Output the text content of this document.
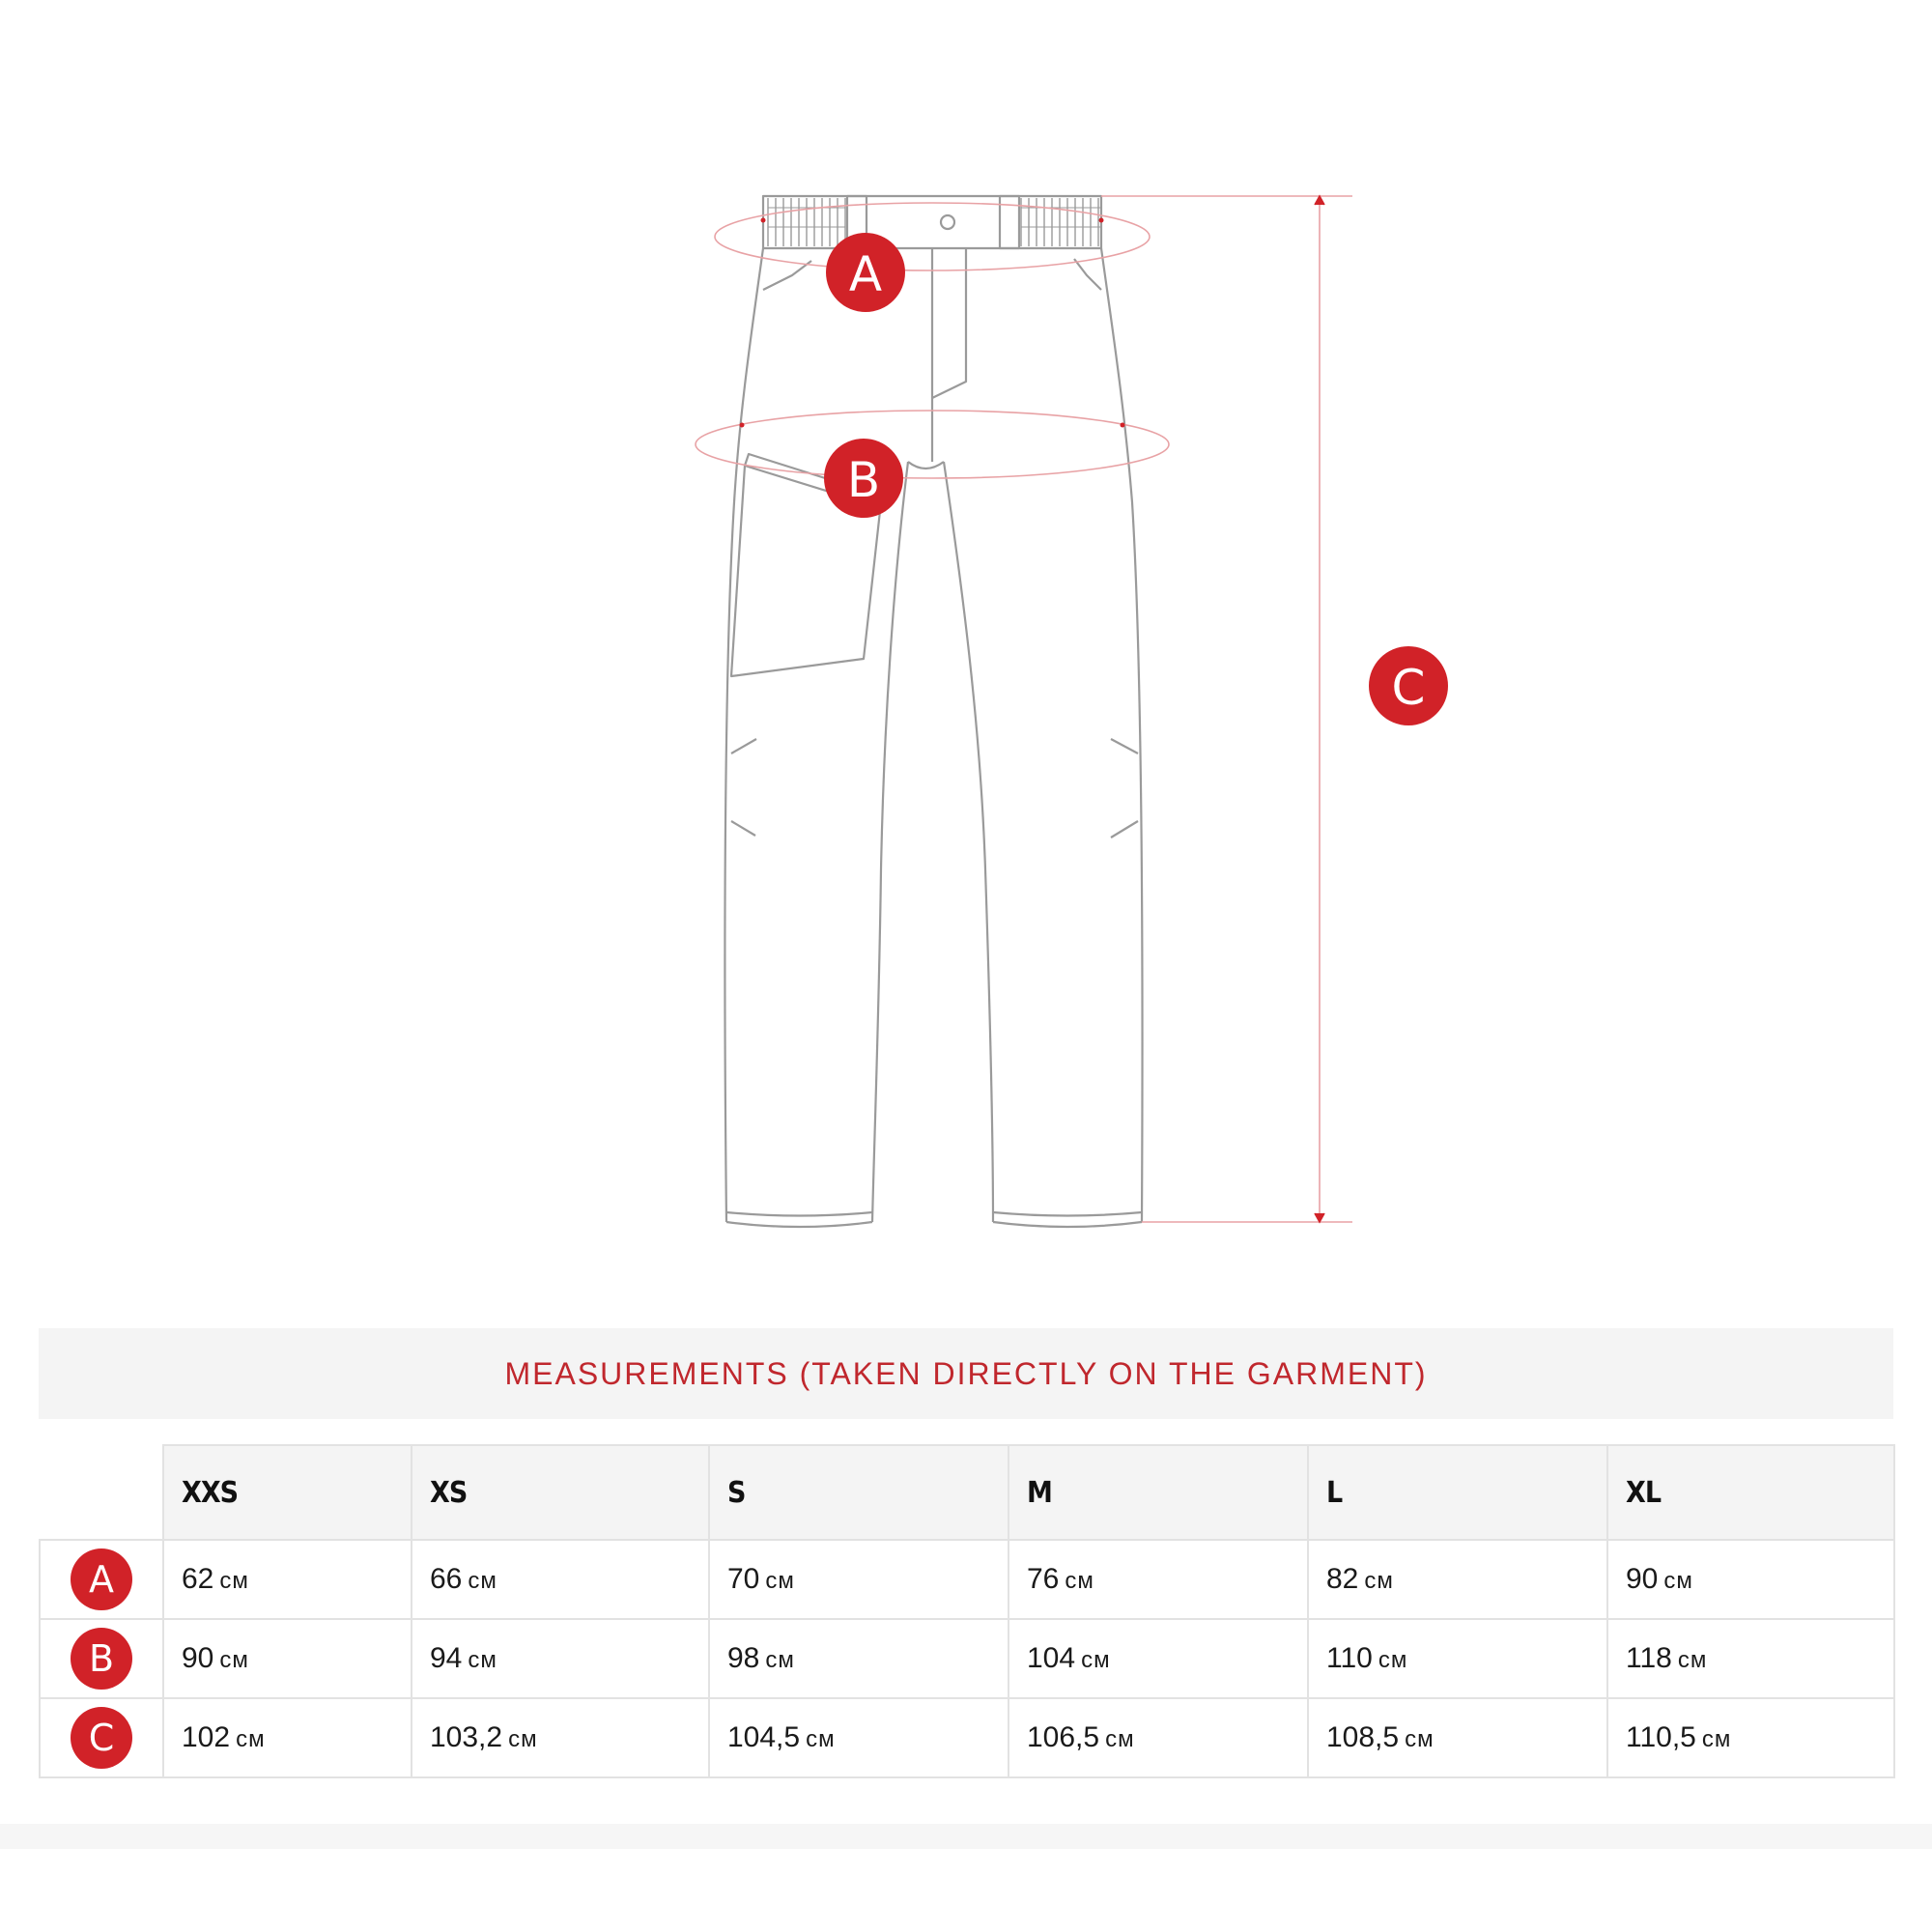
A
B
C
MEASUREMENTS (TAKEN DIRECTLY ON THE GARMENT)
	XXS	XS	S	M	L	XL
A	62 см	66 см	70 см	76 см	82 см	90 см
B	90 см	94 см	98 см	104 см	110 см	118 см
C	102 см	103,2 см	104,5 см	106,5 см	108,5 см	110,5 см
